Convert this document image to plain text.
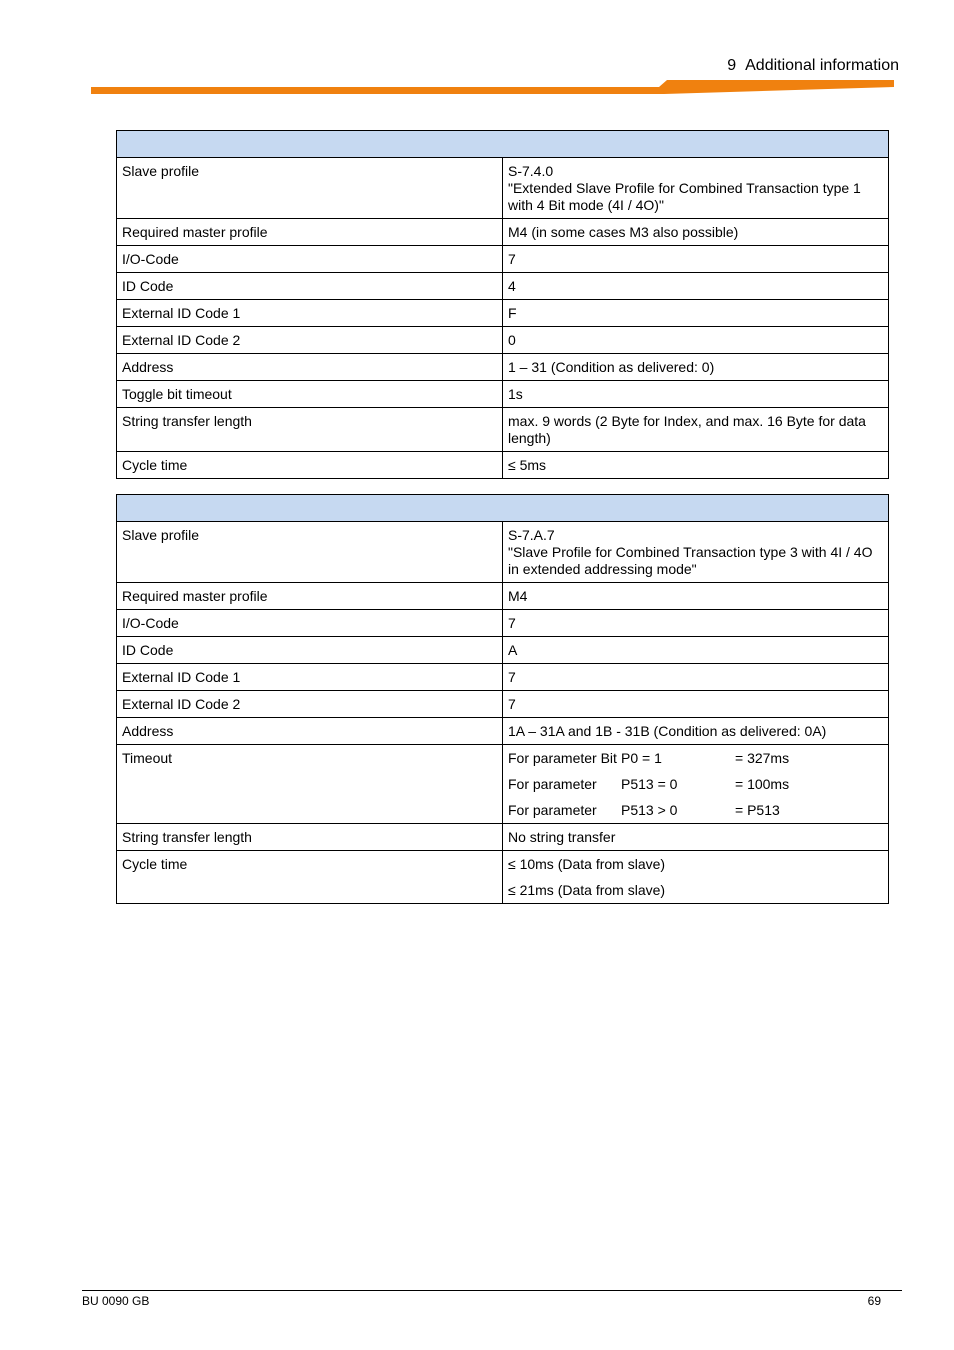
9 Additional information

Slave profile	S-7.4.0
"Extended Slave Profile for Combined Transaction type 1 with 4 Bit mode (4I / 4O)"

Required master profile	M4 (in some cases M3 also possible)
I/O-Code	7
ID Code	4
External ID Code 1	F
External ID Code 2	0
Address	1 – 31 (Condition as delivered: 0)
Toggle bit timeout	1s
String transfer length	max. 9 words (2 Byte for Index, and max. 16 Byte for data length)
Cycle time	≤ 5ms

Slave profile	S-7.A.7
"Slave Profile for Combined Transaction type 3 with 4I / 4O in extended addressing mode"

Required master profile	M4
I/O-Code	7
ID Code	A
External ID Code 1	7
External ID Code 2	7
Address	1A – 31A and 1B - 31B (Condition as delivered: 0A)
Timeout	For parameter Bit P0 = 1 = 327ms
For parameter P513 = 0 = 100ms
For parameter P513 > 0 = P513

String transfer length	No string transfer
Cycle time	≤ 10ms (Data from slave)
≤ 21ms (Data from slave)
BU 0090 GB	69
